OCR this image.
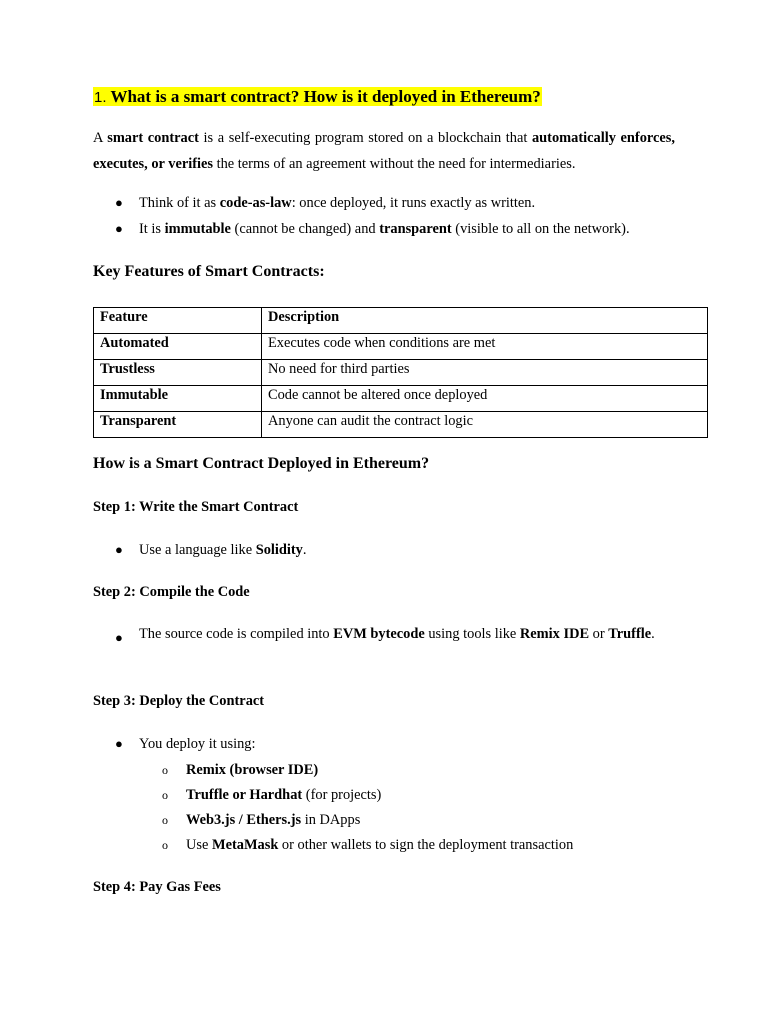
1. What is a smart contract? How is it deployed in Ethereum?
A smart contract is a self-executing program stored on a blockchain that automatically enforces, executes, or verifies the terms of an agreement without the need for intermediaries.
● Think of it as code-as-law: once deployed, it runs exactly as written.
● It is immutable (cannot be changed) and transparent (visible to all on the network).
Key Features of Smart Contracts:
Feature	Description
Automated	Executes code when conditions are met
Trustless	No need for third parties
Immutable	Code cannot be altered once deployed
Transparent	Anyone can audit the contract logic
How is a Smart Contract Deployed in Ethereum?
Step 1: Write the Smart Contract
● Use a language like Solidity.
Step 2: Compile the Code
● The source code is compiled into EVM bytecode using tools like Remix IDE or Truffle.
Step 3: Deploy the Contract
● You deploy it using:
o Remix (browser IDE)
o Truffle or Hardhat (for projects)
o Web3.js / Ethers.js in DApps
o Use MetaMask or other wallets to sign the deployment transaction
Step 4: Pay Gas Fees
